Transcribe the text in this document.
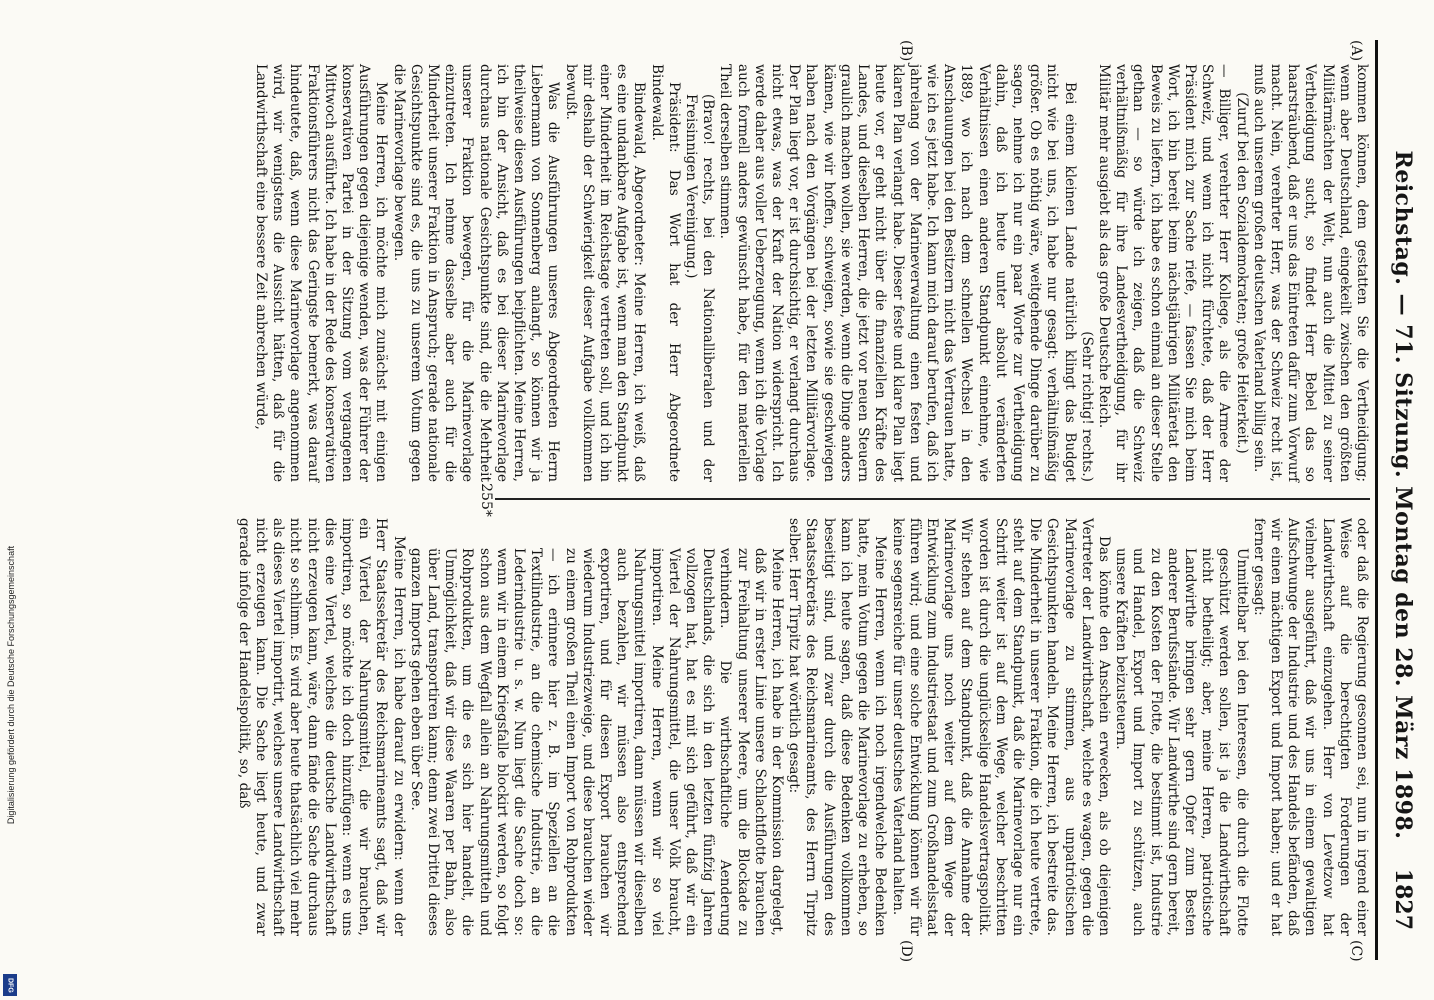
Reichstag. — 71. Sitzung. Montag den 28. März 1898.
1827
(A)
(B)
(C)
(D)

kommen können, dem gestatten Sie die Vertheidigung; wenn aber Deutschland, eingekeilt zwischen den größten Militärmächten der Welt, nun auch die Mittel zu seiner Vertheidigung sucht, so findet Herr Bebel das so haarsträubend, daß er uns das Eintreten dafür zum Vorwurf macht. Nein, verehrter Herr, was der Schweiz recht ist, muß auch unserem großen deutschen Vaterland billig sein.

(Zuruf bei den Sozialdemokraten; große Heiterkeit.)

— Billiger, verehrter Herr Kollege, als die Armee der Schweiz, und wenn ich nicht fürchtete, daß der Herr Präsident mich zur Sache riefe, — fassen Sie mich beim Wort, ich bin bereit beim nächstjährigen Militäretat den Beweis zu liefern, ich habe es schon einmal an dieser Stelle gethan — so würde ich zeigen, daß die Schweiz verhältnißmäßig für ihre Landesvertheidigung, für ihr Militär mehr ausgiebt als das große Deutsche Reich.

(Sehr richtig! rechts.)

Bei einem kleinen Lande natürlich klingt das Budget nicht wie bei uns, ich habe nur gesagt: verhältnißmäßig größer. Ob es nöthig wäre, weitgehende Dinge darüber zu sagen, nehme ich nur ein paar Worte zur Vertheidigung dahin, daß ich heute unter absolut veränderten Verhältnissen einen anderen Standpunkt einnehme, wie 1889, wo ich nach dem schnellen Wechsel in den Anschauungen bei den Besitzern nicht das Vertrauen hatte, wie ich es jetzt habe. Ich kann mich darauf berufen, daß ich jahrelang von der Marineverwaltung einen festen und klaren Plan verlangt habe. Dieser feste und klare Plan liegt heute vor, er geht nicht über die finanziellen Kräfte des Landes, und dieselben Herren, die jetzt vor neuen Steuern graulich machen wollen, sie werden, wenn die Dinge anders kämen, wie wir hoffen, schweigen, sowie sie geschwiegen haben nach den Vorgängen bei der letzten Militärvorlage. Der Plan liegt vor, er ist durchsichtig, er verlangt durchaus nicht etwas, was der Kraft der Nation widerspricht. Ich werde daher aus voller Ueberzeugung, wenn ich die Vorlage auch formell anders gewünscht habe, für den materiellen Theil derselben stimmen.

(Bravo! rechts, bei den Nationalliberalen und der Freisinnigen Vereinigung.)

Präsident: Das Wort hat der Herr Abgeordnete Bindewald.

Bindewald, Abgeordneter: Meine Herren, ich weiß, daß es eine undankbare Aufgabe ist, wenn man den Standpunkt einer Minderheit im Reichstage vertreten soll, und ich bin mir deshalb der Schwierigkeit dieser Aufgabe vollkommen bewußt.

Was die Ausführungen unseres Abgeordneten Herrn Liebermann von Sonnenberg anlangt, so können wir ja theilweise diesen Ausführungen beipflichten. Meine Herren, ich bin der Ansicht, daß es bei dieser Marinevorlage durchaus nationale Gesichtspunkte sind, die die Mehrheit unserer Fraktion bewegen, für die Marinevorlage einzutreten. Ich nehme dasselbe aber auch für die Minderheit unserer Fraktion in Anspruch; gerade nationale Gesichtspunkte sind es, die uns zu unserem Votum gegen die Marinevorlage bewegen.

Meine Herren, ich möchte mich zunächst mit einigen Ausführungen gegen diejenige wenden, was der Führer der konservativen Partei in der Sitzung vom vergangenen Mittwoch ausführte. Ich habe in der Rede des konservativen Fraktionsführers nicht das Geringste bemerkt, was darauf hindeutete, daß, wenn diese Marinevorlage angenommen wird, wir wenigstens die Aussicht hätten, daß für die Landwirthschaft eine bessere Zeit anbrechen würde,

oder daß die Regierung gesonnen sei, nun in irgend einer Weise auf die berechtigten Forderungen der Landwirthschaft einzugehen. Herr von Levetzow hat vielmehr ausgeführt, daß wir uns in einem gewaltigen Aufschwunge der Industrie und des Handels befänden, daß wir einen mächtigen Export und Import haben; und er hat ferner gesagt:

Unmittelbar bei den Interessen, die durch die Flotte geschützt werden sollen, ist ja die Landwirthschaft nicht betheiligt; aber, meine Herren, patriotische Landwirthe bringen sehr gern Opfer zum Besten anderer Berufsstände. Wir Landwirthe sind gern bereit, zu den Kosten der Flotte, die bestimmt ist, Industrie und Handel, Export und Import zu schützen, auch unsere Kräften beizusteuern.

Das könnte den Anschein erwecken, als ob diejenigen Vertreter der Landwirthschaft, welche es wagen, gegen die Marinevorlage zu stimmen, aus unpatriotischen Gesichtspunkten handeln. Meine Herren, ich bestreite das. Die Minderheit in unserer Fraktion, die ich heute vertrete, steht auf dem Standpunkt, daß die Marinevorlage nur ein Schritt weiter ist auf dem Wege, welcher beschritten worden ist durch die unglückselige Handelsvertragspolitik. Wir stehen auf dem Standpunkt, daß die Annahme der Marinevorlage uns noch weiter auf dem Wege der Entwicklung zum Industriestaat und zum Großhandelsstaat führen wird; und eine solche Entwicklung können wir für keine segensreiche für unser deutsches Vaterland halten.

Meine Herren, wenn ich noch irgendwelche Bedenken hatte, mein Votum gegen die Marinevorlage zu erheben, so kann ich heute sagen, daß diese Bedenken vollkommen beseitigt sind, und zwar durch die Ausführungen des Staatssekretärs des Reichsmarineamts, des Herrn Tirpitz selber. Herr Tirpitz hat wörtlich gesagt:

Meine Herren, ich habe in der Kommission dargelegt, daß wir in erster Linie unsere Schlachtflotte brauchen zur Freihaltung unserer Meere, um die Blockade zu verhindern. Die wirthschaftliche Aenderung Deutschlands, die sich in den letzten fünfzig Jahren vollzogen hat, hat es mit sich geführt, daß wir ein Viertel der Nahrungsmittel, die unser Volk braucht, importiren. Meine Herren, wenn wir so viel Nahrungsmittel importiren, dann müssen wir dieselben auch bezahlen, wir müssen also entsprechend exportiren, und für diesen Export brauchen wir wiederum Industriezweige, und diese brauchen wieder zu einem großen Theil einen Import von Rohprodukten — ich erinnere hier z. B. im Speziellen an die Textilindustrie, an die chemische Industrie, an die Lederindustrie u. s. w. Nun liegt die Sache doch so: wenn wir in einem Kriegsfalle blockirt werden, so folgt schon aus dem Wegfall allein an Nahrungsmitteln und Rohprodukten, um die es sich hier handelt, die Unmöglichkeit, daß wir diese Waaren per Bahn, also über Land, transportiren kann; denn zwei Drittel dieses ganzen Imports gehen eben über See.

Meine Herren, ich habe darauf zu erwidern: wenn der Herr Staatssekretär des Reichsmarineamts sagt, daß wir ein Viertel der Nahrungsmittel, die wir brauchen, importiren, so möchte ich doch hinzufügen: wenn es uns dies eine Viertel, welches die deutsche Landwirthschaft nicht erzeugen kann, wäre, dann fände die Sache durchaus nicht so schlimm. Es wird aber heute thatsächlich viel mehr als dieses Viertel importirt, welches unsere Landwirthschaft nicht erzeugen kann. Die Sache liegt heute, und zwar gerade infolge der Handelspolitik, so, daß

255*
Digitalisierung gefördert durch die Deutsche Forschungsgemeinschaft
DFG
